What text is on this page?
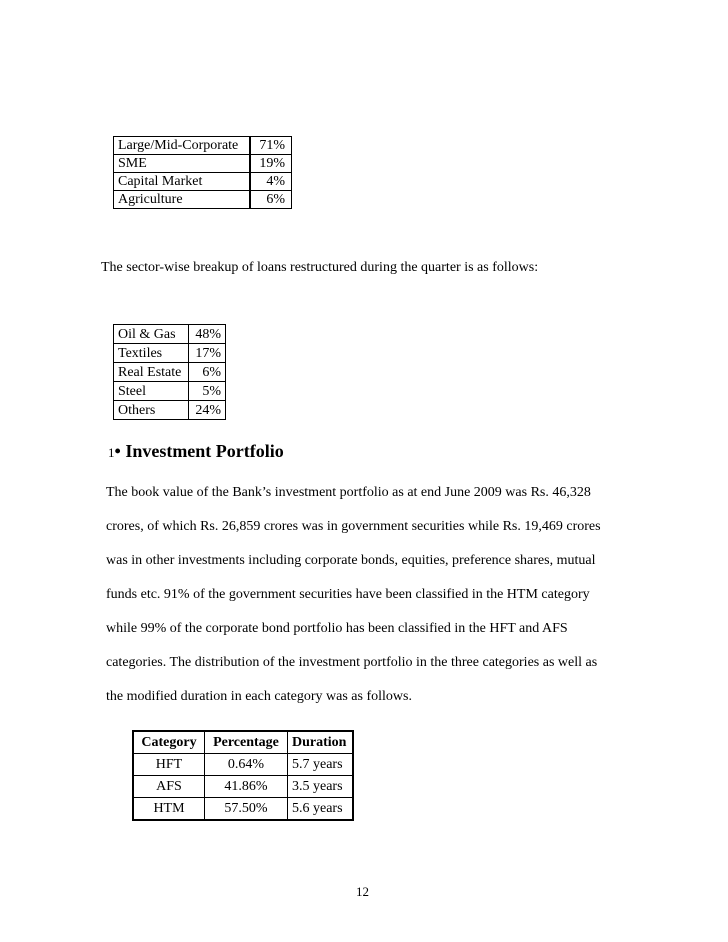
Large/Mid-Corporate	71%
SME	19%
Capital Market	4%
Agriculture	6%
The sector-wise breakup of loans restructured during the quarter is as follows:
Oil & Gas	48%
Textiles	17%
Real Estate	6%
Steel	5%
Others	24%
1• Investment Portfolio
The book value of the Bank’s investment portfolio as at end June 2009 was Rs. 46,328
crores, of which Rs. 26,859 crores was in government securities while Rs. 19,469 crores
was in other investments including corporate bonds, equities, preference shares, mutual
funds etc. 91% of the government securities have been classified in the HTM category
while 99% of the corporate bond portfolio has been classified in the HFT and AFS
categories. The distribution of the investment portfolio in the three categories as well as
the modified duration in each category was as follows.
Category	Percentage	Duration
HFT	0.64%	5.7 years
AFS	41.86%	3.5 years
HTM	57.50%	5.6 years
12
